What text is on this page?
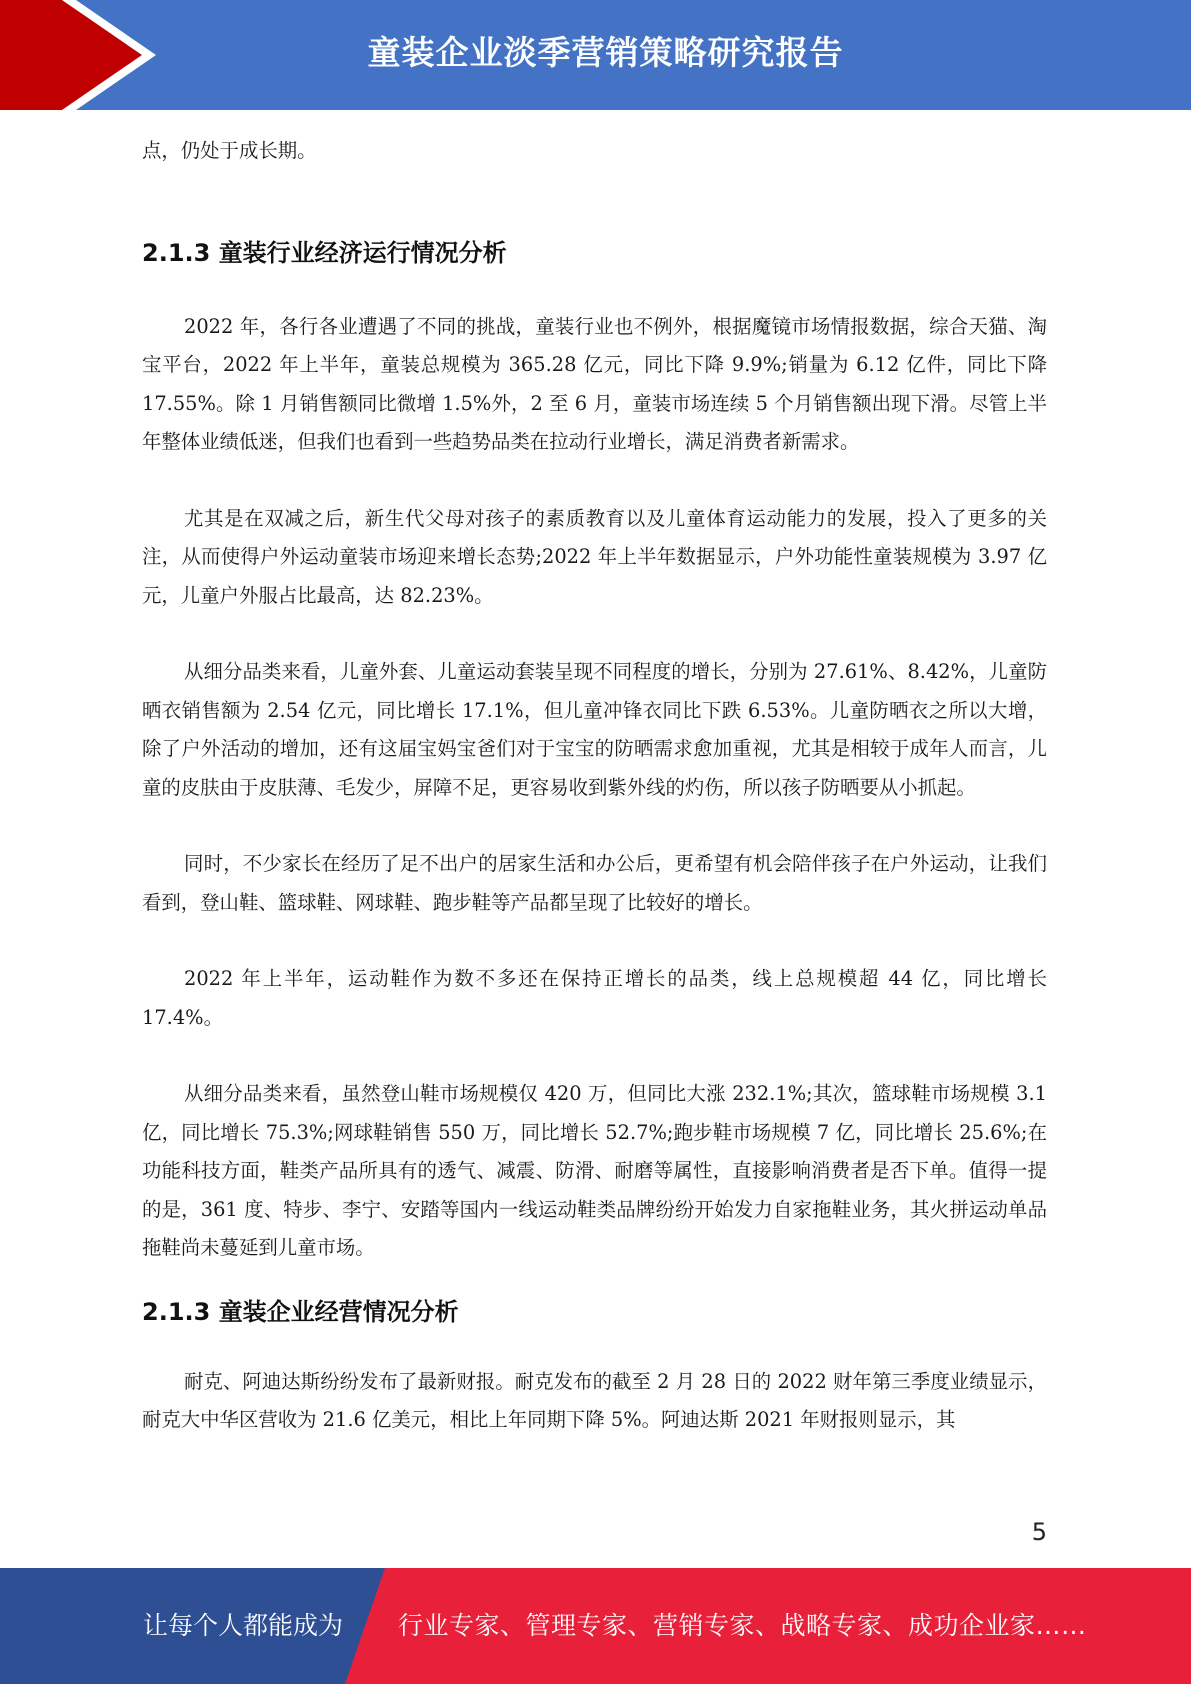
童装企业淡季营销策略研究报告

点，仍处于成长期。

2.1.3 童装行业经济运行情况分析

2022 年，各行各业遭遇了不同的挑战，童装行业也不例外，根据魔镜市场情报数据，综合天猫、淘宝平台，2022 年上半年，童装总规模为 365.28 亿元，同比下降 9.9%;销量为 6.12 亿件，同比下降 17.55%。除 1 月销售额同比微增 1.5%外，2 至 6 月，童装市场连续 5 个月销售额出现下滑。尽管上半年整体业绩低迷，但我们也看到一些趋势品类在拉动行业增长，满足消费者新需求。

尤其是在双减之后，新生代父母对孩子的素质教育以及儿童体育运动能力的发展，投入了更多的关注，从而使得户外运动童装市场迎来增长态势;2022 年上半年数据显示，户外功能性童装规模为 3.97 亿元，儿童户外服占比最高，达 82.23%。

从细分品类来看，儿童外套、儿童运动套装呈现不同程度的增长，分别为 27.61%、8.42%，儿童防晒衣销售额为 2.54 亿元，同比增长 17.1%，但儿童冲锋衣同比下跌 6.53%。儿童防晒衣之所以大增，除了户外活动的增加，还有这届宝妈宝爸们对于宝宝的防晒需求愈加重视，尤其是相较于成年人而言，儿童的皮肤由于皮肤薄、毛发少，屏障不足，更容易收到紫外线的灼伤，所以孩子防晒要从小抓起。

同时，不少家长在经历了足不出户的居家生活和办公后，更希望有机会陪伴孩子在户外运动，让我们看到，登山鞋、篮球鞋、网球鞋、跑步鞋等产品都呈现了比较好的增长。

2022 年上半年，运动鞋作为数不多还在保持正增长的品类，线上总规模超 44 亿，同比增长 17.4%。

从细分品类来看，虽然登山鞋市场规模仅 420 万，但同比大涨 232.1%;其次，篮球鞋市场规模 3.1 亿，同比增长 75.3%;网球鞋销售 550 万，同比增长 52.7%;跑步鞋市场规模 7 亿，同比增长 25.6%;在功能科技方面，鞋类产品所具有的透气、减震、防滑、耐磨等属性，直接影响消费者是否下单。值得一提的是，361 度、特步、李宁、安踏等国内一线运动鞋类品牌纷纷开始发力自家拖鞋业务，其火拼运动单品拖鞋尚未蔓延到儿童市场。

2.1.3 童装企业经营情况分析

耐克、阿迪达斯纷纷发布了最新财报。耐克发布的截至 2 月 28 日的 2022 财年第三季度业绩显示，耐克大中华区营收为 21.6 亿美元，相比上年同期下降 5%。阿迪达斯 2021 年财报则显示，其

5
让每个人都能成为 行业专家、管理专家、营销专家、战略专家、成功企业家……
